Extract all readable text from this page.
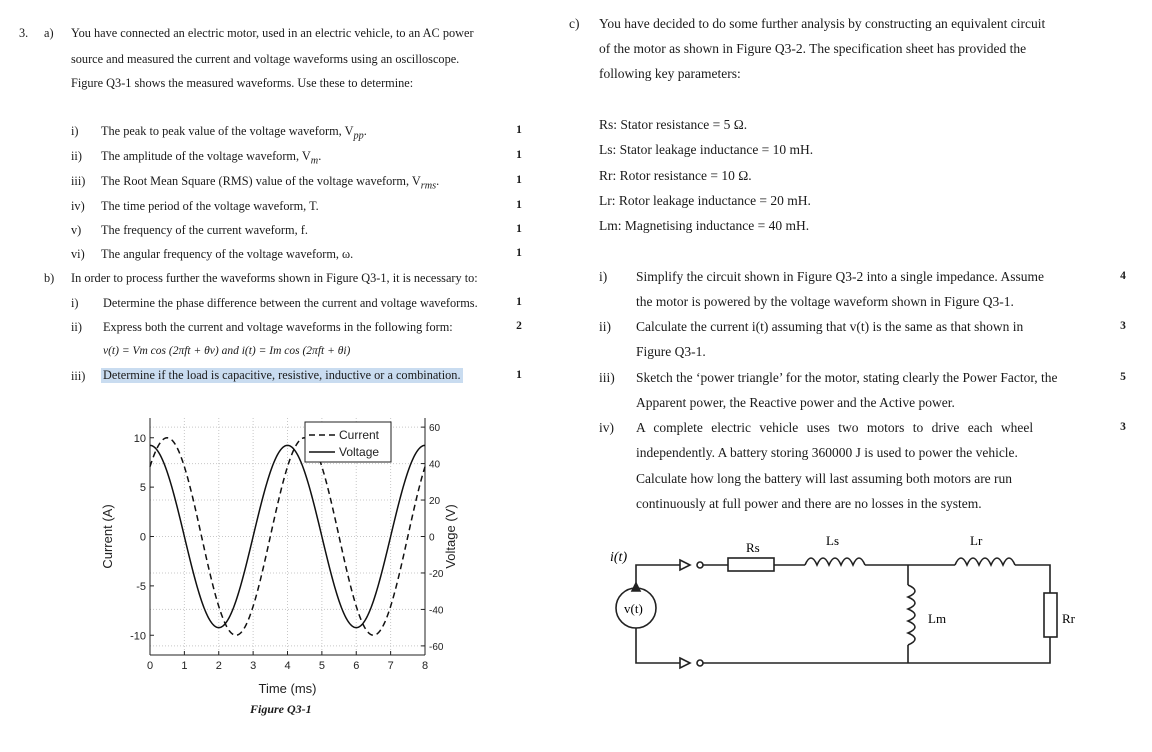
3. a) You have connected an electric motor, used in an electric vehicle, to an AC power
source and measured the current and voltage waveforms using an oscilloscope.
Figure Q3-1 shows the measured waveforms. Use these to determine:
i) The peak to peak value of the voltage waveform, $V_{pp}$.	1
ii) The amplitude of the voltage waveform, $V_m$.	1
iii) The Root Mean Square (RMS) value of the voltage waveform, $V_{rms}$.	1
iv) The time period of the voltage waveform, T.	1
v) The frequency of the current waveform, f.	1
vi) The angular frequency of the voltage waveform, ω.	1
b) In order to process further the waveforms shown in Figure Q3-1, it is necessary to:
i) Determine the phase difference between the current and voltage waveforms.	1
ii) Express both the current and voltage waveforms in the following form:	2
v(t) = Vm cos (2πft + θv) and i(t) = Im cos (2πft + θi)
iii) Determine if the load is capacitive, resistive, inductive or a combination.	1
0	1	2	3	4	5	6	7	8
10
5
0
-5
-10
60
40
20
0
-20
-40
-60
Time (ms)
Current (A)	Voltage (V)
Current
Voltage
Figure Q3-1
c) You have decided to do some further analysis by constructing an equivalent circuit
of the motor as shown in Figure Q3-2. The specification sheet has provided the
following key parameters:
Rs: Stator resistance = 5 Ω.
Ls: Stator leakage inductance = 10 mH.
Rr: Rotor resistance = 10 Ω.
Lr: Rotor leakage inductance = 20 mH.
Lm: Magnetising inductance = 40 mH.
i) Simplify the circuit shown in Figure Q3-2 into a single impedance. Assume
the motor is powered by the voltage waveform shown in Figure Q3-1.
4
ii) Calculate the current i(t) assuming that v(t) is the same as that shown in
Figure Q3-1.
3
iii) Sketch the ‘power triangle’ for the motor, stating clearly the Power Factor, the
Apparent power, the Reactive power and the Active power.
5
iv) A complete electric vehicle uses two motors to drive each wheel
independently. A battery storing 360000 J is used to power the vehicle.
Calculate how long the battery will last assuming both motors are run
continuously at full power and there are no losses in the system.
3
i(t)
v(t)
Rs	Ls	Lr
Lm	Rr
